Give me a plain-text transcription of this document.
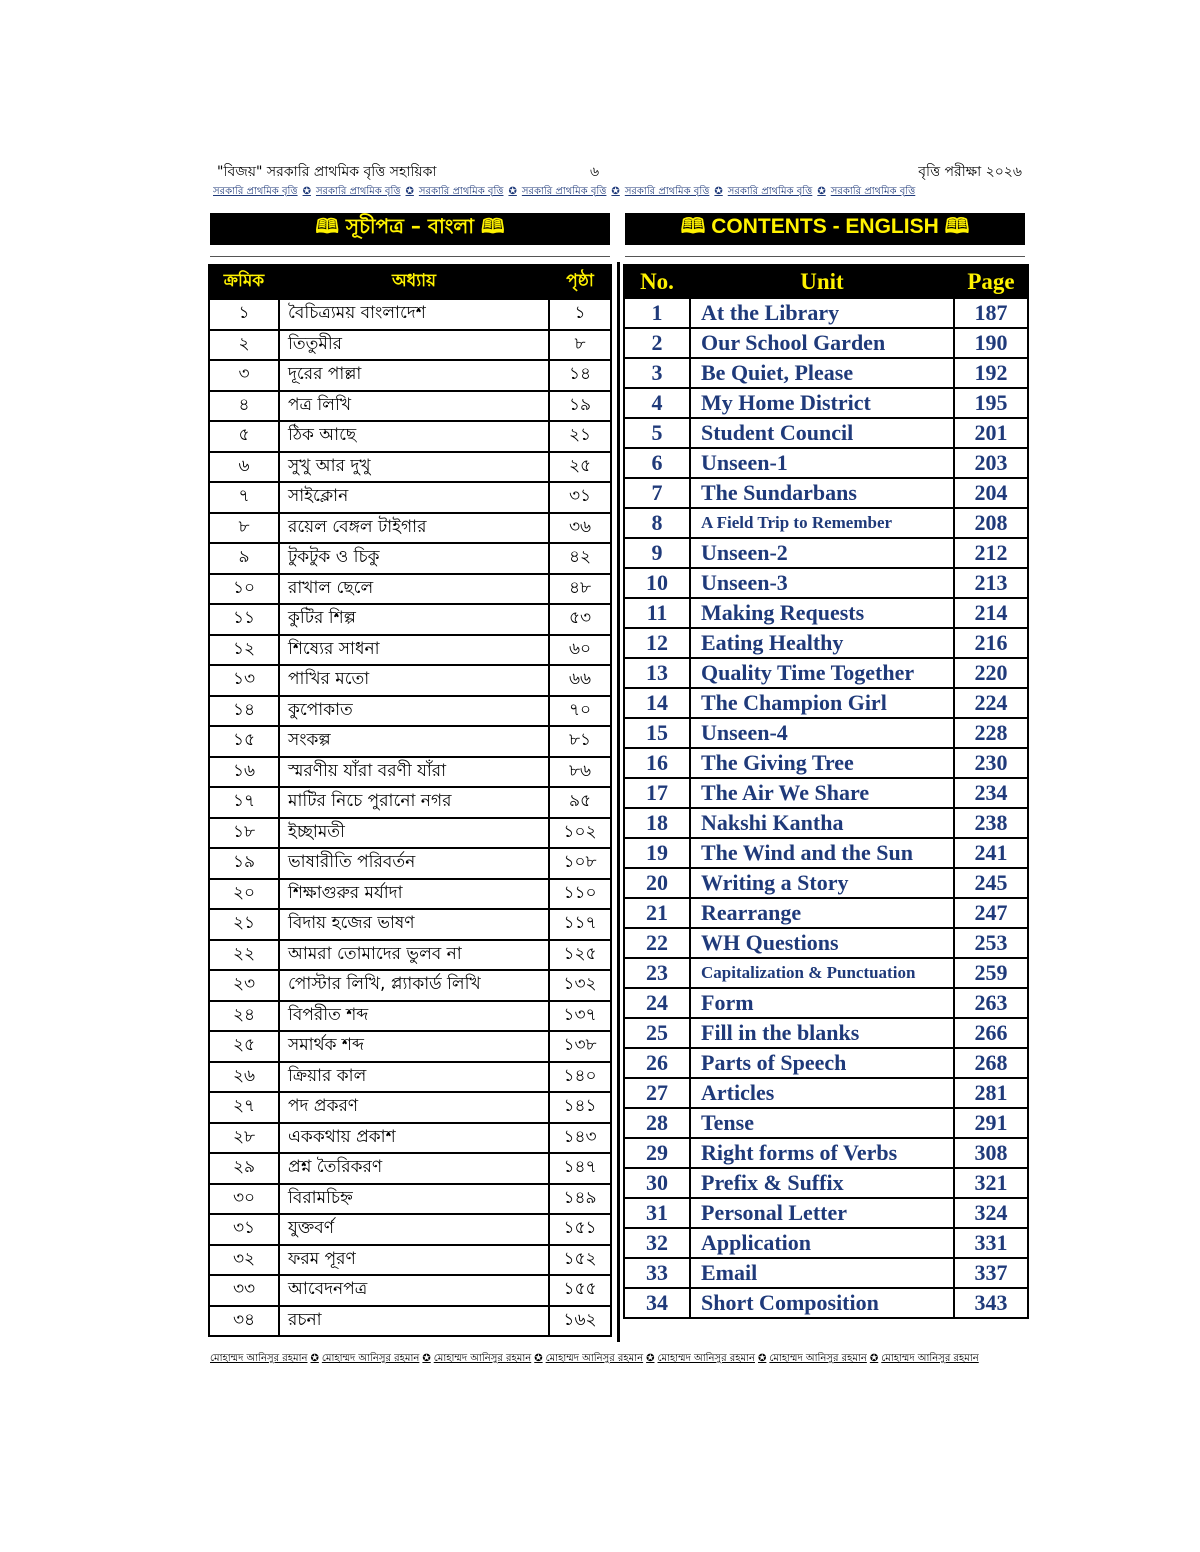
"বিজয়" সরকারি প্রাথমিক বৃত্তি সহায়িকা	৬	বৃত্তি পরীক্ষা ২০২৬
সরকারি প্রাথমিক বৃত্তি ✪ সরকারি প্রাথমিক বৃত্তি ✪ সরকারি প্রাথমিক বৃত্তি ✪ সরকারি প্রাথমিক বৃত্তি ✪ সরকারি প্রাথমিক বৃত্তি ✪ সরকারি প্রাথমিক বৃত্তি ✪ সরকারি প্রাথমিক বৃত্তি
🕮 সূচীপত্র – বাংলা 🕮	🕮 CONTENTS - ENGLISH 🕮
ক্রমিক	অধ্যায়	পৃষ্ঠা
১	বৈচিত্র্যময় বাংলাদেশ	১
২	তিতুমীর	৮
৩	দূরের পাল্লা	১৪
৪	পত্র লিখি	১৯
৫	ঠিক আছে	২১
৬	সুখু আর দুখু	২৫
৭	সাইক্লোন	৩১
৮	রয়েল বেঙ্গল টাইগার	৩৬
৯	টুকটুক ও চিকু	৪২
১০	রাখাল ছেলে	৪৮
১১	কুটির শিল্প	৫৩
১২	শিষ্যের সাধনা	৬০
১৩	পাখির মতো	৬৬
১৪	কুপোকাত	৭০
১৫	সংকল্প	৮১
১৬	স্মরণীয় যাঁরা বরণী যাঁরা	৮৬
১৭	মাটির নিচে পুরানো নগর	৯৫
১৮	ইচ্ছামতী	১০২
১৯	ভাষারীতি পরিবর্তন	১০৮
২০	শিক্ষাগুরুর মর্যাদা	১১০
২১	বিদায় হজের ভাষণ	১১৭
২২	আমরা তোমাদের ভুলব না	১২৫
২৩	পোস্টার লিখি, প্ল্যাকার্ড লিখি	১৩২
২৪	বিপরীত শব্দ	১৩৭
২৫	সমার্থক শব্দ	১৩৮
২৬	ক্রিয়ার কাল	১৪০
২৭	পদ প্রকরণ	১৪১
২৮	এককথায় প্রকাশ	১৪৩
২৯	প্রশ্ন তৈরিকরণ	১৪৭
৩০	বিরামচিহ্ন	১৪৯
৩১	যুক্তবর্ণ	১৫১
৩২	ফরম পূরণ	১৫২
৩৩	আবেদনপত্র	১৫৫
৩৪	রচনা	১৬২
No.	Unit	Page
1	At the Library	187
2	Our School Garden	190
3	Be Quiet, Please	192
4	My Home District	195
5	Student Council	201
6	Unseen-1	203
7	The Sundarbans	204
8	A Field Trip to Remember	208
9	Unseen-2	212
10	Unseen-3	213
11	Making Requests	214
12	Eating Healthy	216
13	Quality Time Together	220
14	The Champion Girl	224
15	Unseen-4	228
16	The Giving Tree	230
17	The Air We Share	234
18	Nakshi Kantha	238
19	The Wind and the Sun	241
20	Writing a Story	245
21	Rearrange	247
22	WH Questions	253
23	Capitalization & Punctuation	259
24	Form	263
25	Fill in the blanks	266
26	Parts of Speech	268
27	Articles	281
28	Tense	291
29	Right forms of Verbs	308
30	Prefix & Suffix	321
31	Personal Letter	324
32	Application	331
33	Email	337
34	Short Composition	343
মোহাম্মদ আনিসুর রহমান ✪ মোহাম্মদ আনিসুর রহমান ✪ মোহাম্মদ আনিসুর রহমান ✪ মোহাম্মদ আনিসুর রহমান ✪ মোহাম্মদ আনিসুর রহমান ✪ মোহাম্মদ আনিসুর রহমান ✪ মোহাম্মদ আনিসুর রহমান
